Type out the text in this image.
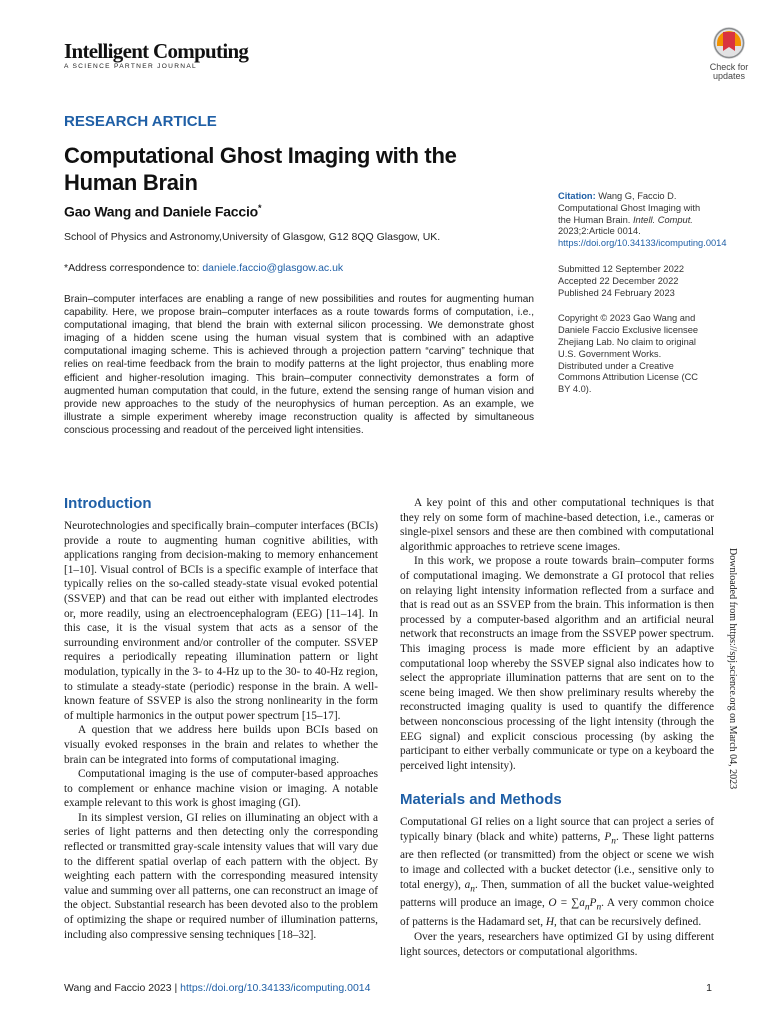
Intelligent Computing
A SCIENCE PARTNER JOURNAL	Check for
updates
RESEARCH ARTICLE
Computational Ghost Imaging with the Human Brain
Gao Wang and Daniele Faccio*
School of Physics and Astronomy,University of Glasgow, G12 8QQ Glasgow, UK.
*Address correspondence to: daniele.faccio@glasgow.ac.uk

Brain–computer interfaces are enabling a range of new possibilities and routes for augmenting human capability. Here, we propose brain–computer interfaces as a route towards forms of computation, i.e., computational imaging, that blend the brain with external silicon processing. We demonstrate ghost imaging of a hidden scene using the human visual system that is combined with an adaptive computational imaging scheme. This is achieved through a projection pattern “carving” technique that relies on real-time feedback from the brain to modify patterns at the light projector, thus enabling more efficient and higher-resolution imaging. This brain–computer connectivity demonstrates a form of augmented human computation that could, in the future, extend the sensing range of human vision and provide new approaches to the study of the neurophysics of human perception. As an example, we illustrate a simple experiment whereby image reconstruction quality is affected by simultaneous conscious processing and readout of the perceived light intensities.

Citation: Wang G, Faccio D. Computational Ghost Imaging with the Human Brain. Intell. Comput. 2023;2:Article 0014. https://doi.org/10.34133/icomputing.0014
Submitted 12 September 2022
Accepted 22 December 2022
Published 24 February 2023
Copyright © 2023 Gao Wang and Daniele Faccio Exclusive licensee Zhejiang Lab. No claim to original U.S. Government Works. Distributed under a Creative Commons Attribution License (CC BY 4.0).
Introduction

Neurotechnologies and specifically brain–computer interfaces (BCIs) provide a route to augmenting human cognitive abilities, with applications ranging from decision-making to memory enhancement [1–10]. Visual control of BCIs is a specific example of interface that typically relies on the so-called steady-state visual evoked potential (SSVEP) and that can be read out either with implanted electrodes or, more readily, using an electroencephalogram (EEG) [11–14]. In this case, it is the visual system that acts as a sensor of the surrounding environment and/or controller of the computer. SSVEP requires a periodically repeating illumination pattern or light modulation, typically in the 3- to 4-Hz up to the 30- to 40-Hz region, to stimulate a steady-state (periodic) response in the brain. A well-known feature of SSVEP is also the strong nonlinearity in the form of multiple harmonics in the output power spectrum [15–17].

A question that we address here builds upon BCIs based on visually evoked responses in the brain and relates to whether the brain can be integrated into forms of computational imaging.

Computational imaging is the use of computer-based approaches to complement or enhance machine vision or imaging. A notable example relevant to this work is ghost imaging (GI).

In its simplest version, GI relies on illuminating an object with a series of light patterns and then detecting only the corresponding reflected or transmitted gray-scale intensity values that will vary due to the different spatial overlap of each pattern with the object. By weighting each pattern with the corresponding measured intensity value and summing over all patterns, one can reconstruct an image of the object. Substantial research has been devoted also to the problem of optimizing the shape or required number of illumination patterns, including also compressive sensing techniques [18–32].

A key point of this and other computational techniques is that they rely on some form of machine-based detection, i.e., cameras or single-pixel sensors and these are then combined with computational algorithmic approaches to retrieve scene images.

In this work, we propose a route towards brain–computer forms of computational imaging. We demonstrate a GI protocol that relies on relaying light intensity information reflected from a surface and that is read out as an SSVEP from the brain. This information is then processed by a computer-based algorithm and an artificial neural network that reconstructs an image from the SSVEP power spectrum. This imaging process is made more efficient by an adaptive computational loop whereby the SSVEP signal also indicates how to select the appropriate illumination patterns that are sent on to the scene being imaged. We then show preliminary results whereby the reconstructed imaging quality is used to quantify the difference between nonconscious processing of the light intensity (through the EEG signal) and explicit conscious processing (by asking the participant to either verbally communicate or type on a keyboard the perceived light intensity).

Materials and Methods

Computational GI relies on a light source that can project a series of typically binary (black and white) patterns, $P_n$. These light patterns are then reflected (or transmitted) from the object or scene we wish to image and collected with a bucket detector (i.e., sensitive only to total energy), $a_n$. Then, summation of all the bucket value-weighted patterns will produce an image, $O = \sum a_nP_n$. A very common choice of patterns is the Hadamard set, H, that can be recursively defined.

Over the years, researchers have optimized GI by using different light sources, detectors or computational algorithms.

Downloaded from https://spj.science.org on March 04, 2023
Wang and Faccio 2023 | https://doi.org/10.34133/icomputing.0014	1
